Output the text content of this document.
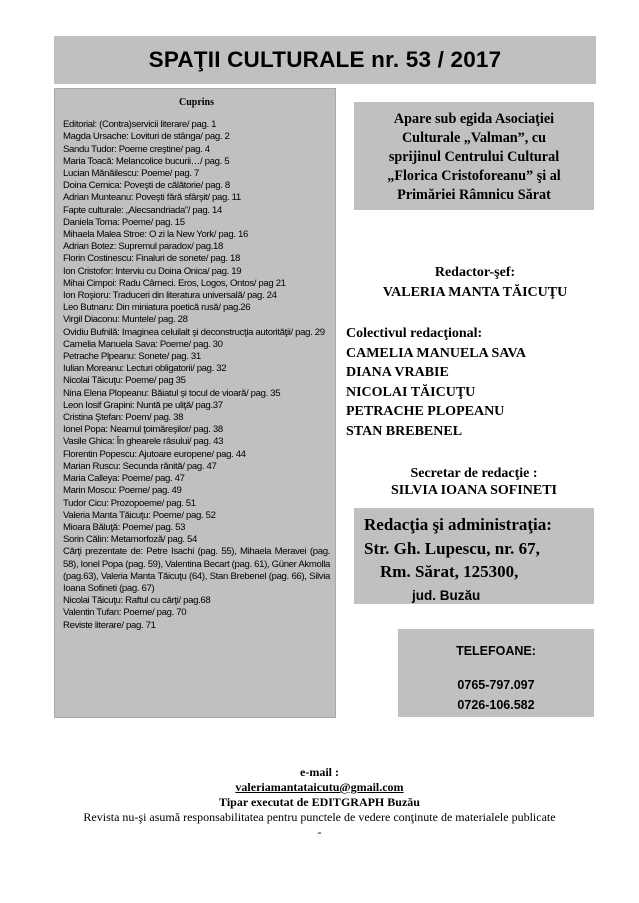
SPAŢII CULTURALE nr. 53 / 2017
Cuprins
Editorial: (Contra)servicii literare/ pag. 1
Magda Ursache: Lovituri de stânga/ pag. 2
Sandu Tudor: Poeme creştine/ pag. 4
Maria Toacă: Melancolice bucurii…/ pag. 5
Lucian Mănăilescu: Poeme/ pag. 7
Doina Cernica: Poveşti de călătorie/ pag. 8
Adrian Munteanu: Poveşti fără sfârşit/ pag. 11
Fapte culturale: „Alecsandriada”/ pag. 14
Daniela Toma: Poeme/ pag. 15
Mihaela Malea Stroe: O zi la New York/ pag. 16
Adrian Botez: Supremul paradox/ pag.18
Florin Costinescu: Finaluri de sonete/ pag. 18
Ion Cristofor: Interviu cu Doina Onica/ pag. 19
Mihai Cimpoi: Radu Cârneci. Eros, Logos, Ontos/ pag 21
Ion Roşioru: Traduceri din literatura universală/ pag. 24
Leo Butnaru: Din miniatura poetică rusă/ pag.26
Virgil Diaconu: Muntele/ pag. 28
Ovidiu Bufnilă: Imaginea celuilalt şi deconstrucţia autorităţii/ pag. 29
Camelia Manuela Sava: Poeme/ pag. 30
Petrache Plpeanu: Sonete/ pag. 31
Iulian Moreanu: Lecturi obligatorii/ pag. 32
Nicolai Tăicuţu: Poeme/ pag 35
Nina Elena Plopeanu: Băiatul şi tocul de vioară/ pag. 35
Leon Iosif Grapini: Nuntă pe uliţă/ pag.37
Cristina Ştefan: Poem/ pag. 38
Ionel Popa: Neamul ţoimăreşilor/ pag. 38
Vasile Ghica: În ghearele râsului/ pag. 43
Florentin Popescu: Ajutoare europene/ pag. 44
Marian Ruscu: Secunda rănită/ pag. 47
Maria Calleya: Poeme/ pag. 47
Marin Moscu: Poeme/ pag. 49
Tudor Cicu: Prozopoeme/ pag. 51
Valeria Manta Tăicuţu: Poeme/ pag. 52
Mioara Băluţă: Poeme/ pag. 53
Sorin Călin: Metamorfoză/ pag. 54
Cărţi prezentate de: Petre Isachi (pag. 55), Mihaela Meravei (pag. 58), Ionel Popa (pag. 59), Valentina Becart (pag. 61), Güner Akmolla (pag.63), Valeria Manta Tăicuţu (64), Stan Brebenel (pag. 66), Silvia Ioana Sofineti (pag. 67)
Nicolai Tăicuţu: Raftul cu cărţi/ pag.68
Valentin Tufan: Poeme/ pag. 70
Reviste literare/ pag. 71
Apare sub egida Asociaţiei
Culturale „Valman”, cu
sprijinul Centrului Cultural
„Florica Cristoforeanu” şi al
Primăriei Râmnicu Sărat
Redactor-şef:
VALERIA MANTA TĂICUŢU
Colectivul redacţional:
CAMELIA MANUELA SAVA
DIANA VRABIE
NICOLAI TĂICUŢU
PETRACHE PLOPEANU
STAN BREBENEL
Secretar de redacţie :
SILVIA IOANA SOFINETI
Redacţia şi administraţia:
Str. Gh. Lupescu, nr. 67,
Rm. Sărat, 125300,
jud. Buzău
TELEFOANE:
0765-797.097
0726-106.582
e-mail :
valeriamantataicutu@gmail.com
Tipar executat de EDITGRAPH Buzău
Revista nu-şi asumă responsabilitatea pentru punctele de vedere conţinute de materialele publicate
-
